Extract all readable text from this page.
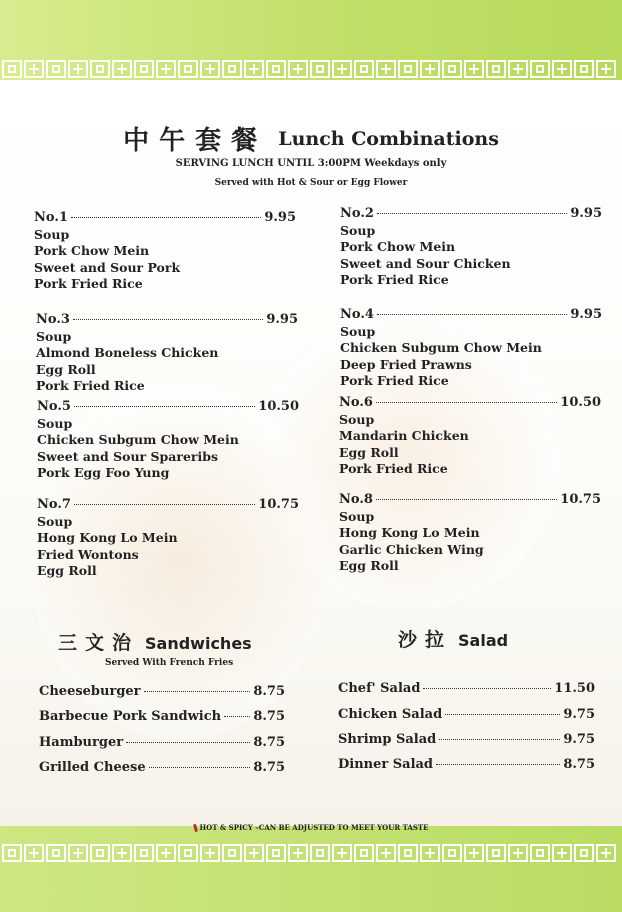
中午套餐 Lunch Combinations
SERVING LUNCH UNTIL 3:00PM Weekdays only
Served with Hot & Sour or Egg Flower
No.1	9.95
Soup
Pork Chow Mein
Sweet and Sour Pork
Pork Fried Rice
No.2	9.95
Soup
Pork Chow Mein
Sweet and Sour Chicken
Pork Fried Rice
No.3	9.95
Soup
Almond Boneless Chicken
Egg Roll
Pork Fried Rice
No.4	9.95
Soup
Chicken Subgum Chow Mein
Deep Fried Prawns
Pork Fried Rice
No.5	10.50
Soup
Chicken Subgum Chow Mein
Sweet and Sour Spareribs
Pork Egg Foo Yung
No.6	10.50
Soup
Mandarin Chicken
Egg Roll
Pork Fried Rice
No.7	10.75
Soup
Hong Kong Lo Mein
Fried Wontons
Egg Roll
No.8	10.75
Soup
Hong Kong Lo Mein
Garlic Chicken Wing
Egg Roll
三文治 Sandwiches
Served With French Fries
沙拉 Salad
Cheeseburger	8.75
Barbecue Pork Sandwich 8.75
Hamburger	8.75
Grilled Cheese	8.75
Chef' Salad	11.50
Chicken Salad	9.75
Shrimp Salad	9.75
Dinner Salad	8.75
HOT & SPICY –CAN BE ADJUSTED TO MEET YOUR TASTE
